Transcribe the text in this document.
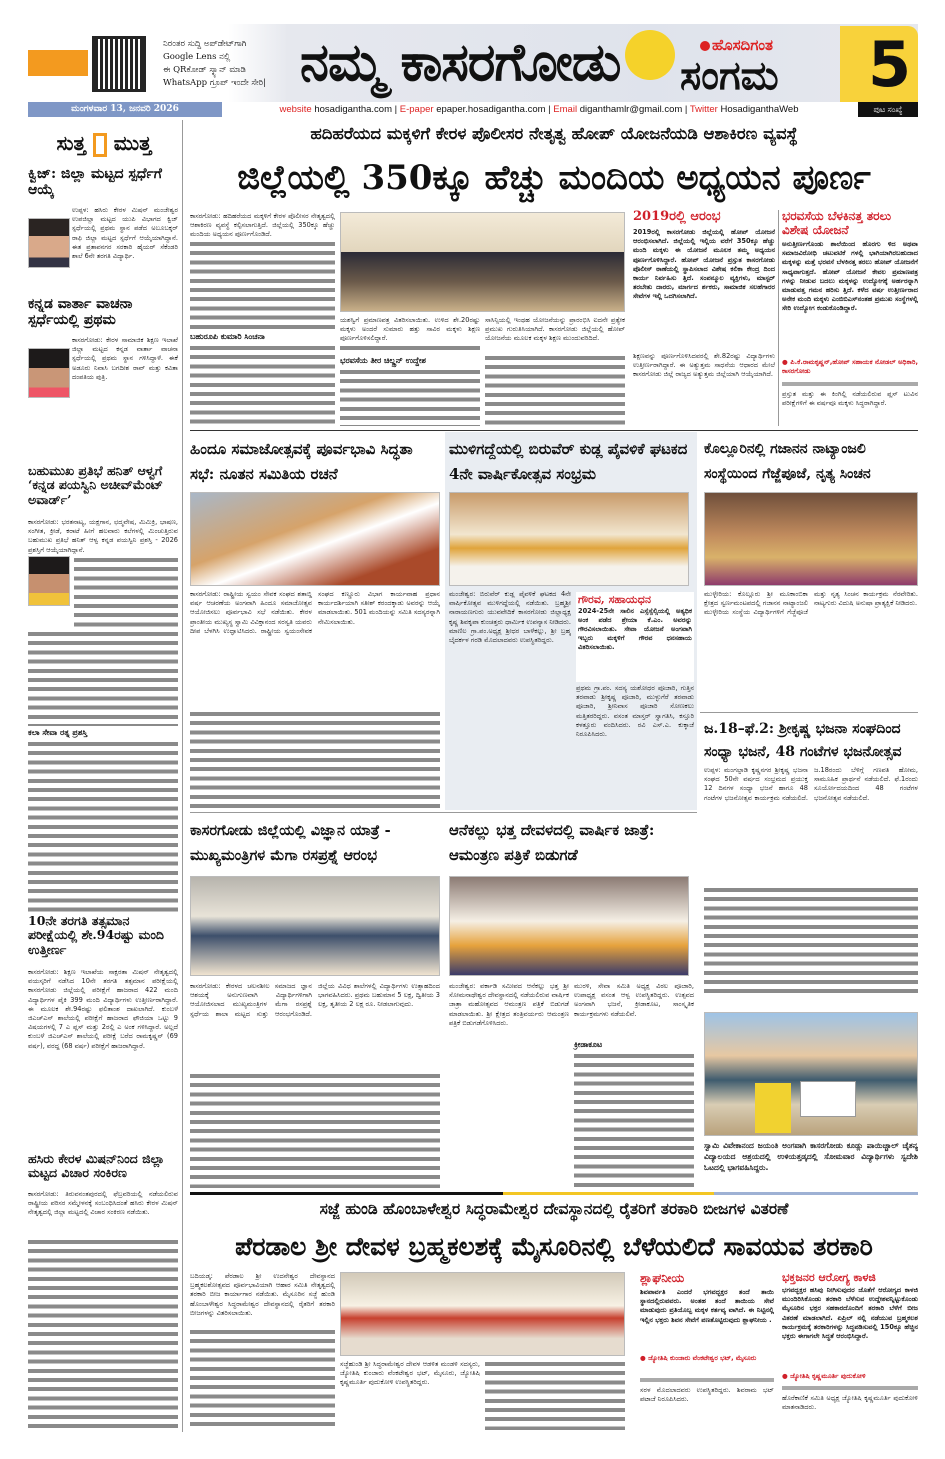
ನಿರಂತರ ಸುದ್ದಿ ಅಪ್‌ಡೇಟ್‌ಗಾಗಿ
Google Lens ನಲ್ಲಿ
ಈ QRಕೋಡ್ ಸ್ಕ್ಯಾನ್ ಮಾಡಿ
WhatsApp ಗ್ರೂಪ್ ಇಂದೇ ಸೇರಿ| ನಮ್ಮ ಕಾಸರಗೋಡು	ಹೊಸದಿಗಂತ
ಸಂಗಮ 5
ಮಂಗಳವಾರ 13, ಜನವರಿ 2026	website hosadigantha.com | E-paper epaper.hosadigantha.com | Email diganthamlr@gmail.com | Twitter HosadiganthaWeb	ಪುಟ ಸಂಖ್ಯೆ
ಸುತ್ತ ಮುತ್ತ
ಕ್ವಿಜ್: ಜಿಲ್ಲಾ ಮಟ್ಟದ ಸ್ಪರ್ಧೆಗೆ ಆಯ್ಕೆ
ಉಪ್ಪಳ: ಹಸಿರು ಕೇರಳ ಮಿಷನ್ ಮಂಜೇಶ್ವರ ಉಪಜಿಲ್ಲಾ ಮಟ್ಟದ ಯುಪಿ ವಿಭಾಗದ ಕ್ವಿಜ್ ಸ್ಪರ್ಧೆಯಲ್ಲಿ ಪ್ರಥಮ ಸ್ಥಾನ ಪಡೆದ ಅಬೂಬಕ್ಕರ್ ರಾಫಿ ಜಿಲ್ಲಾ ಮಟ್ಟದ ಸ್ಪರ್ಧೆಗೆ ಆಯ್ಕೆಯಾಗಿದ್ದಾನೆ. ಈತ ಪ್ರತಾಪನಗರ ಸರಕಾರಿ ಹೈಯರ್ ಸೆಕೆಂಡರಿ ಶಾಲೆ 6ನೇ ತರಗತಿ ವಿದ್ಯಾರ್ಥಿ.
ಕನ್ನಡ ವಾರ್ತಾ ವಾಚನಾ ಸ್ಪರ್ಧೆಯಲ್ಲಿ ಪ್ರಥಮ
ಕಾಸರಗೋಡು: ಕೇರಳ ಸಾಮಾಜಿಕ ಶಿಕ್ಷಣ ಇಲಾಖೆ ಜಿಲ್ಲಾ ಮಟ್ಟದ ಕನ್ನಡ ವಾರ್ತಾ ವಾಚನಾ ಸ್ಪರ್ಧೆಯಲ್ಲಿ ಪ್ರಥಮ ಸ್ಥಾನ ಗಳಿಸಿದ್ದಾಳೆ. ಈಕೆ ಅಡೂರು ನಿವಾಸಿ ಬಗದೀಶ ರಾವ್ ಮತ್ತು ಕವಿತಾ ದಂಪತಿಯ ಪುತ್ರಿ.
ಬಹುಮುಖ ಪ್ರತಿಭೆ ಹನಿತ್ ಆಳ್ವಗೆ ‘ಕನ್ನಡ ಪಯಸ್ವಿನಿ ಅಚೀವ್‌ಮೆಂಟ್ ಅವಾರ್ಡ್’
ಕಾಸರಗೋಡು: ಭರತನಾಟ್ಯ, ಯಕ್ಷಗಾನ, ಛದ್ಮವೇಷ, ಮಿಮಿಕ್ರಿ, ಭಾಷಣ, ಸಂಗೀತ, ಕ್ರೀಡೆ, ಕರಾಟೆ ಹೀಗೆ ಹಲವಾರು ಕಲೆಗಳಲ್ಲಿ ಮಿಂಚುತ್ತಿರುವ ಬಹುಮುಖ ಪ್ರತಿಭೆ ಹನಿತ್ ಆಳ್ವ ಕನ್ನಡ ಪಯಸ್ವಿನಿ ಪ್ರಶಸ್ತಿ - 2026 ಪ್ರಶಸ್ತಿಗೆ ಆಯ್ಕೆಯಾಗಿದ್ದಾನೆ.
ಕಲಾ ಸೇವಾ ರತ್ನ ಪ್ರಶಸ್ತಿ
10ನೇ ತರಗತಿ ತತ್ಸಮಾನ ಪರೀಕ್ಷೆಯಲ್ಲಿ ಶೇ.94ರಷ್ಟು ಮಂದಿ ಉತ್ತೀರ್ಣ
ಕಾಸರಗೋಡು: ಶಿಕ್ಷಣ ಇಲಾಖೆಯ ಸಾಕ್ಷರತಾ ಮಿಷನ್ ನೇತೃತ್ವದಲ್ಲಿ ವಯಸ್ಕರಿಗೆ ನಡೆಸಿದ 10ನೇ ತರಗತಿ ತತ್ಸಮಾನ ಪರೀಕ್ಷೆಯಲ್ಲಿ ಕಾಸರಗೋಡು ಜಿಲ್ಲೆಯಲ್ಲಿ ಪರೀಕ್ಷೆಗೆ ಹಾಜರಾದ 422 ಮಂದಿ ವಿದ್ಯಾರ್ಥಿಗಳ ಪೈಕಿ 399 ಮಂದಿ ವಿದ್ಯಾರ್ಥಿಗಳು ಉತ್ತೀರ್ಣರಾಗಿದ್ದಾರೆ. ಈ ಮೂಲಕ ಶೇ.94ರಷ್ಟು ಫಲಿತಾಂಶ ದಾಖಲಾಗಿದೆ. ಕುಂಬಳೆ ಜಿಎಚ್‌ಎಸ್ ಶಾಲೆಯಲ್ಲಿ ಪರೀಕ್ಷೆಗೆ ಹಾಜರಾದ ಫೌಜಿಯಾ ಒಟ್ಟು 9 ವಿಷಯಗಳಲ್ಲಿ 7 ಎ ಪ್ಲಸ್ ಮತ್ತು 2ರಲ್ಲಿ ಎ ಅಂಕ ಗಳಿಸಿದ್ದಾರೆ. ಅಲ್ಲದೆ ಕುಂಬಳೆ ಜಿಎಚ್‌ಎಸ್ ಶಾಲೆಯಲ್ಲಿ ಪರೀಕ್ಷೆ ಬರೆದ ರಾಮಕೃಷ್ಣನ್ (69 ವರ್ಷ), ವರದ್ದ (68 ವರ್ಷ) ಪರೀಕ್ಷೆಗೆ ಹಾಜರಾಗಿದ್ದಾರೆ.
ಹಸಿರು ಕೇರಳ ಮಿಷನ್‌ನಿಂದ ಜಿಲ್ಲಾ ಮಟ್ಟದ ವಿಚಾರ ಸಂಕಿರಣ
ಕಾಸರಗೋಡು: ತಿರುವನಂತಪುರದಲ್ಲಿ ಫೆಬ್ರವರಿಯಲ್ಲಿ ನಡೆಯಲಿರುವ ರಾಷ್ಟ್ರೀಯ ಪರಿಸರ ಸಮ್ಮೇಳನಕ್ಕೆ ಸಂಬಂಧಿಸಿದಂತೆ ಹಸಿರು ಕೇರಳ ಮಿಷನ್ ನೇತೃತ್ವದಲ್ಲಿ ಜಿಲ್ಲಾ ಮಟ್ಟದಲ್ಲಿ ವಿಚಾರ ಸಂಕಿರಣ ನಡೆಯಿತು.
ಹದಿಹರೆಯದ ಮಕ್ಕಳಿಗೆ ಕೇರಳ ಪೊಲೀಸರ ನೇತೃತ್ವ ಹೋಪ್ ಯೋಜನೆಯಡಿ ಆಶಾಕಿರಣ ವ್ಯವಸ್ಥೆ
ಜಿಲ್ಲೆಯಲ್ಲಿ 350ಕ್ಕೂ ಹೆಚ್ಚು ಮಂದಿಯ ಅಧ್ಯಯನ ಪೂರ್ಣ
ಕಾಸರಗೋಡು: ಹದಿಹರೆಯದ ಮಕ್ಕಳಿಗೆ ಕೇರಳ ಪೊಲೀಸರ ನೇತೃತ್ವದಲ್ಲಿ ಆಶಾಕಿರಣ ವ್ಯವಸ್ಥೆ ಕಲ್ಪಿಸಲಾಗುತ್ತಿದೆ. ಜಿಲ್ಲೆಯಲ್ಲಿ 350ಕ್ಕೂ ಹೆಚ್ಚು ಮಂದಿಯ ಅಧ್ಯಯನ ಪೂರ್ಣಗೊಂಡಿದೆ.
ಬಹುರೂಪಿ ಕುಮಾರಿ ಸಿಂಚನಾ
ಯಶಸ್ವಿಗೆ ಪ್ರಮಾಣಪತ್ರ ವಿತರಿಸಲಾಯಿತು. ಉಳಿದ ಶೇ.20ರಷ್ಟು ಮಕ್ಕಳು ಅಂದರೆ ಸುಮಾರು ಹತ್ತು ಸಾವಿರ ಮಕ್ಕಳು ಶಿಕ್ಷಣ ಪೂರ್ಣಗೊಳಿಸಲಿದ್ದಾರೆ.
ಭರವಸೆಯ ತೀರ ಚಿಲ್ಡ್ರನ್ ಉದ್ದೇಶ
ಸಾಸಿನ್ಸಿಯಲ್ಲಿ ಇಂಥಹ ಯೋಜನೆಯನ್ನು ಪ್ರಾರಂಭಿಸಿ ಐದನೇ ಪ್ರತ್ಯೇಕ ಪ್ರಮುಖ ಗುರುತಿಸಿಯಾಗಿದೆ. ಕಾಸರಗೋಡು ಜಿಲ್ಲೆಯಲ್ಲಿ ಹೋಪ್ ಯೋಜನೆಯ ಮೂಲಕ ಮಕ್ಕಳ ಶಿಕ್ಷಣ ಮುಂದುವರಿದಿದೆ.
2019ರಲ್ಲಿ ಆರಂಭ
2019ರಲ್ಲಿ ಕಾಸರಗೋಡು ಜಿಲ್ಲೆಯಲ್ಲಿ ಹೋಪ್ ಯೋಜನೆ ಆರಂಭಿಸಲಾಗಿದೆ. ಜಿಲ್ಲೆಯಲ್ಲಿ ಇಲ್ಲಿಯ ವರೆಗೆ 350ಕ್ಕೂ ಹೆಚ್ಚು ಮಂದಿ ಮಕ್ಕಳು ಈ ಯೋಜನೆ ಮೂಲಕ ತಮ್ಮ ಅಧ್ಯಯನ ಪೂರ್ಣಗೊಳಿಸಿದ್ದಾರೆ. ಹೋಪ್ ಯೋಜನೆ ಪ್ರಸ್ತುತ ಕಾಸರಗೋಡು ಪೊಲೀಸ್ ಠಾಣೆಯಲ್ಲಿ ಸ್ಥಾಪಿಸಲಾದ ವಿಶೇಷ ಕಲಿಕಾ ಕೇಂದ್ರ ದಿಂದ ಕಾರ್ಯ ನಿರ್ವಹಿಸು ತ್ತಿದೆ. ಸಂಪನ್ಮೂಲ ವ್ಯಕ್ತಿಗಳು, ಮಾಸ್ಟರ್ ತರಬೇತು ದಾರರು, ಮಾರ್ಗದ ರ್ಶಕರು, ಸಾಮಾಜಿಕ ಸಲಹೆಗಾರರ ಸೇವೆಗಳ ಇಲ್ಲಿ ಒದಗಿಸಲಾಗಿದೆ.
ಶಿಕ್ಷಣವನ್ನು ಪೂರ್ಣಗೊಳಿಸಿದವರಲ್ಲಿ ಶೇ.82ರಷ್ಟು ವಿದ್ಯಾರ್ಥಿಗಳು ಉತ್ತೀರ್ಣರಾಗಿದ್ದಾರೆ. ಈ ಅತ್ಯುತ್ತಮ ಸಾಧನೆಯ ಆಧಾರದ ಮೇಲೆ ಕಾಸರಗೋಡು ಜಿಲ್ಲೆ ರಾಜ್ಯದ ಅತ್ಯುತ್ತಮ ಜಿಲ್ಲೆಯಾಗಿ ಆಯ್ಕೆಯಾಗಿದೆ.
ಭರವಸೆಯ ಬೆಳಕಿನತ್ತ ತರಲು ವಿಶೇಷ ಯೋಜನೆ
ಅನುತ್ತೀರ್ಣಗೊಂಡು ಶಾಲೆಯಿಂದ ಹೊರಗು ಳಿದ ಅಥವಾ ಸಮಾಜವಿರೋಧಿ ಚಟುವಟಿಕೆ ಗಳಲ್ಲಿ ಭಾಗಿಯಾಗಿರಬಹುದಾದ ಮಕ್ಕಳನ್ನು ಮತ್ತೆ ಭರವಸೆ ಬೆಳಕಿನತ್ತ ತರಲು ಹೋಪ್ ಯೋಜನೆಗೆ ಸಾಧ್ಯವಾಗುತ್ತದೆ. ಹೋಪ್ ಯೋಜನೆ ಕೇವಲ ಪ್ರಮಾಣಪತ್ರ ಗಳನ್ನು ನೀಡುವ ಬದಲು ಮಕ್ಕಳನ್ನು ಉದ್ಯೋಗಕ್ಕೆ ಅರ್ಹರನ್ನಾಗಿ ಮಾಡುವತ್ತ ಗಮನ ಹರಿಸು ತ್ತಿದೆ. ಕಳೆದ ವರ್ಷ ಉತ್ತೀರ್ಣರಾದ ಅನೇಕ ಮಂದಿ ಮಕ್ಕಳು ಎಂಬಿಬಿಎಸ್‌ನಂತಹ ಪ್ರಮುಖ ಸಂಸ್ಥೆಗಳಲ್ಲಿ ಸೇರಿ ಉದ್ಯೋಗ ಕಂಡುಕೊಂಡಿದ್ದಾರೆ.
● ಪಿ.ಕೆ.ರಾಮಕೃಷ್ಣನ್,ಹೋಪ್ ಸಹಾಯಕ ನೋಡಲ್ ಅಧಿಕಾರಿ, ಕಾಸರಗೋಡು
ಪ್ರಸ್ತುತ ಮತ್ತು ಈ ಕಿಂಗಿಲ್ಲಿ ನಡೆಯಲಿರುವ ಪ್ಲಸ್ ಟುವಿನ ಪರೀಕ್ಷೆಗಳಿಗೆ ಈ ವರ್ಷವೂ ಮಕ್ಕಳು ಸಿದ್ಧರಾಗಿದ್ದಾರೆ.
ಹಿಂದೂ ಸಮಾಜೋತ್ಸವಕ್ಕೆ ಪೂರ್ವಭಾವಿ ಸಿದ್ಧತಾ ಸಭೆ: ನೂತನ ಸಮಿತಿಯ ರಚನೆ
ಕಾಸರಗೋಡು: ರಾಷ್ಟ್ರೀಯ ಸ್ವಯಂ ಸೇವಕ ಸಂಘದ ಶತಾಬ್ದಿ ವರ್ಷ ಆಚರಣೆಯ ಅಂಗವಾಗಿ ಹಿಂದೂ ಸಮಾಜೋತ್ಸವ ಆಯೋಜಿಸಲು ಪೂರ್ವಭಾವಿ ಸಭೆ ನಡೆಯಿತು. ಕೇರಳ ಪ್ರಾಂತೀಯ ಮುಖ್ಯಸ್ಥ ಸ್ವಾಮಿ ವಿವಿಕ್ತಾನಂದ ಸರಸ್ವತಿ ಯವರು ದೀಪ ಬೆಳಗಿಸಿ ಉದ್ಘಾಟಿಸಿದರು. ರಾಷ್ಟ್ರೀಯ ಸ್ವಯಂಸೇವಕ ಸಂಘದ ಕಣ್ಣೂರು ವಿಭಾಗ ಕಾರ್ಯವಾಹ ಪ್ರಧಾನ ಕಾರ್ಯದರ್ಶಿಯಾಗಿ ಸತೀಶ್ ಕರಂದಕ್ಕಾಡು ಅವರನ್ನು ಆಯ್ಕೆ ಮಾಡಲಾಯಿತು. 501 ಮಂದಿಯನ್ನು ಸಮಿತಿ ಸದಸ್ಯರನ್ನಾಗಿ ನೇಮಿಸಲಾಯಿತು.
ಮುಳಿಗದ್ದೆಯಲ್ಲಿ ಬಿರುವೆರ್ ಕುಡ್ಲ ಪೈವಳಿಕೆ ಘಟಕದ 4ನೇ ವಾರ್ಷಿಕೋತ್ಸವ ಸಂಭ್ರಮ
ಮಂಜೇಶ್ವರ: ಬಿರುವೆರ್ ಕುಡ್ಲ ಪೈವಳಿಕೆ ಘಟಕದ 4ನೇ ವಾರ್ಷಿಕೋತ್ಸವ ಮುಳಿಗದ್ದೆಯಲ್ಲಿ ನಡೆಯಿತು. ಬ್ರಹ್ಮಶ್ರೀ ನಾರಾಯಣಗುರು ಯುವವೇದಿಕೆ ಕಾಸರಗೋಡು ಜಿಲ್ಲಾಧ್ಯಕ್ಷ ಕೃಷ್ಣ ಶಿವಕೃಪಾ ಕುಂಚತ್ತರು ಧಾರ್ಮಿಕ ಉಪನ್ಯಾಸ ನೀಡಿದರು. ಮಾಣಿಲ ಗ್ರಾ.ಪಂ.ಅಧ್ಯಕ್ಷ ಶ್ರೀಧರ ಬಾಳೆಕಲ್ಲು, ಶ್ರೀ ಬ್ರಹ್ಮ ಬೈದರ್ಕಳ ಗರಡಿ ಮೊದಲಾದವರು ಉಪಸ್ಥಿತರಿದ್ದರು.
ಗೌರವ, ಸಹಾಯಧನ
2024-25ನೇ ಸಾಲಿನ ಎಸ್ಸೆಸ್ಸೆಲ್ಸಿಯಲ್ಲಿ ಅತ್ಯಧಿಕ ಅಂಕ ಪಡೆದ ಶ್ರೇಯಾ ಕೆ.ಎಂ. ಅವರನ್ನು ಗೌರವಿಸಲಾಯಿತು. ಸೇವಾ ಯೋಜನೆ ಅಂಗವಾಗಿ ಇಬ್ಬರು ಮಕ್ಕಳಿಗೆ ಗೌರವ ಧನಸಹಾಯ ವಿತರಿಸಲಾಯಿತು.
ಪ್ರಥಮ ಗ್ರಾ.ಪಂ. ಸದಸ್ಯ ಯಶೋಧರ ಪೂಜಾರಿ, ಗುತ್ತಿನ ತರವಾಡು ಶ್ರೀಕೃಷ್ಣ ಪೂಜಾರಿ, ಮುಳ್ಳುಗೆರೆ ತರವಾಡು ಪೂಜಾರಿ, ಶ್ರೀನಿವಾಸ ಪೂಜಾರಿ ಸೋಣಕಲು ಮತ್ತಿತರರಿದ್ದರು. ವಸಂತ ಮಾಸ್ತರ್ ಸ್ವಾಗತಿಸಿ, ಕಸ್ತೂರಿ ಕಳತ್ತೂರು ವಂದಿಸಿದರು. ರವಿ ಎಸ್.ಎ. ಕುಕ್ಕಾಜೆ ನಿರೂಪಿಸಿದರು.
ಕೊಲ್ಲೂರಿನಲ್ಲಿ ಗಜಾನನ ನಾಟ್ಯಾಂಜಲಿ ಸಂಸ್ಥೆಯಿಂದ ಗೆಜ್ಜೆಪೂಜೆ, ನೃತ್ಯ ಸಿಂಚನ
ಮುಳ್ಳೇರಿಯ: ಕೊಲ್ಲೂರು ಶ್ರೀ ಮೂಕಾಂಬಿಕಾ ಕ್ಷೇತ್ರದ ಸ್ವರ್ಣಮಂಟಪದಲ್ಲಿ ಗಜಾನನ ನಾಟ್ಯಾಂಜಲಿ ಮುಳ್ಳೇರಿಯ ಸಂಸ್ಥೆಯ ವಿದ್ಯಾರ್ಥಿಗಳಿಗೆ ಗೆಜ್ಜೆಪೂಜೆ ಮತ್ತು ನೃತ್ಯ ಸಿಂಚನ ಕಾರ್ಯಕ್ರಮ ನೆರವೇರಿತು. ನಾಟ್ಯಗುರು ವಿದುಷಿ ಅನುಷಾ ಪ್ರಾತ್ಯಕ್ಷಿಕೆ ನೀಡಿದರು.
ಜ.18–ಫೆ.2: ಶ್ರೀಕೃಷ್ಣ ಭಜನಾ ಸಂಘದಿಂದ ಸಂಧ್ಯಾ ಭಜನೆ, 48 ಗಂಟೆಗಳ ಭಜನೋತ್ಸವ
ಉಪ್ಪಳ: ಮಂಗಲ್ಪಾಡಿ ಕೃಷ್ಣನಗರ ಶ್ರೀಕೃಷ್ಣ ಭಜನಾ ಸಂಘದ 50ನೇ ವರ್ಷದ ಸಂಭ್ರಮದ ಪ್ರಯುಕ್ತ 12 ದಿನಗಳ ಸಂಧ್ಯಾ ಭಜನೆ ಹಾಗೂ 48 ಗಂಟೆಗಳ ಭಜನೋತ್ಸವ ಕಾರ್ಯಕ್ರಮ ನಡೆಯಲಿದೆ. ಜ.18ರಂದು ಬೆಳಿಗ್ಗೆ ಗಣಪತಿ ಹೋಮ, ಸಾಮೂಹಿಕ ಪ್ರಾರ್ಥನೆ ನಡೆಯಲಿದೆ. ಫೆ.1ರಂದು ಸೂರ್ಯೋದಯದಿಂದ 48 ಗಂಟೆಗಳ ಭಜನೋತ್ಸವ ನಡೆಯಲಿದೆ.
ಕಾಸರಗೋಡು ಜಿಲ್ಲೆಯಲ್ಲಿ ವಿಜ್ಞಾನ ಯಾತ್ರೆ - ಮುಖ್ಯಮಂತ್ರಿಗಳ ಮೆಗಾ ರಸಪ್ರಶ್ನೆ ಆರಂಭ
ಕಾಸರಗೋಡು: ಕೇರಳದ ಚಲನಶೀಲ ಸಮಾಜದ ಜ್ಞಾನ ಆಶಯಕ್ಕೆ ಅನುಗುಣವಾಗಿ ವಿದ್ಯಾರ್ಥಿಗಳಿಗಾಗಿ ಆಯೋಜಿಸಲಾದ ಮುಖ್ಯಮಂತ್ರಿಗಳ ಮೆಗಾ ರಸಪ್ರಶ್ನೆ ಸ್ಪರ್ಧೆಯ ಶಾಲಾ ಮಟ್ಟದ ಸುತ್ತು ಆರಂಭಗೊಂಡಿದೆ. ಜಿಲ್ಲೆಯ ವಿವಿಧ ಶಾಲೆಗಳಲ್ಲಿ ವಿದ್ಯಾರ್ಥಿಗಳು ಉತ್ಸಾಹದಿಂದ ಭಾಗವಹಿಸಿದರು. ಪ್ರಥಮ ಬಹುಮಾನ 5 ಲಕ್ಷ, ದ್ವಿತೀಯ 3 ಲಕ್ಷ, ತೃತೀಯ 2 ಲಕ್ಷ ರೂ. ನೀಡಲಾಗುವುದು.
ಆನೆಕಲ್ಲು ಭತ್ತ ದೇವಳದಲ್ಲಿ ವಾರ್ಷಿಕ ಜಾತ್ರೆ: ಆಮಂತ್ರಣ ಪತ್ರಿಕೆ ಬಿಡುಗಡೆ
ಮಂಜೇಶ್ವರ: ವರ್ಕಾಡಿ ಸಮೀಪದ ಆನೆಕಲ್ಲು ಭತ್ತ ಶ್ರೀ ಸೋಮನಾಥೇಶ್ವರ ದೇವಸ್ಥಾನದಲ್ಲಿ ನಡೆಯಲಿರುವ ವಾರ್ಷಿಕ ಜಾತ್ರಾ ಮಹೋತ್ಸವದ ಆಮಂತ್ರಣ ಪತ್ರಿಕೆ ಬಿಡುಗಡೆ ಮಾಡಲಾಯಿತು. ಶ್ರೀ ಕ್ಷೇತ್ರದ ತಂತ್ರಿವರ್ಯರು ಆಮಂತ್ರಣ ಪತ್ರಿಕೆ ಬಿಡುಗಡೆಗೊಳಿಸಿದರು.
ಮುರಳಿ, ಸೇವಾ ಸಮಿತಿ ಅಧ್ಯಕ್ಷ ವಿಠಲ ಪೂಜಾರಿ, ಉಪಾಧ್ಯಕ್ಷ ವಸಂತ ಆಳ್ವ ಉಪಸ್ಥಿತರಿದ್ದರು. ಉತ್ಸವದ ಅಂಗವಾಗಿ ಭಜನೆ, ಕ್ರೀಡಾಕೂಟ, ಸಾಂಸ್ಕೃತಿಕ ಕಾರ್ಯಕ್ರಮಗಳು ನಡೆಯಲಿವೆ.
ಕ್ರೀಡಾಕೂಟ
ಸ್ವಾಮಿ ವಿವೇಕಾನಂದ ಜಯಂತಿ ಅಂಗವಾಗಿ ಕಾಸರಗೋಡು ಕೂಡ್ಲು ಪಾಯಿಚ್ಚಾಲ್ ಚೈತನ್ಯ ವಿದ್ಯಾಲಯದ ಆಶ್ರಯದಲ್ಲಿ ಉಳಿಯತ್ತಡ್ಕದಲ್ಲಿ ಸೋಮವಾರ ವಿದ್ಯಾರ್ಥಿಗಳು ಸ್ವದೇಶಿ ಓಟದಲ್ಲಿ ಭಾಗವಹಿಸಿದ್ದರು.
ಸಜ್ಜೆ ಹುಂಡಿ ಹೊಂಬಾಳೇಶ್ವರ ಸಿದ್ಧರಾಮೇಶ್ವರ ದೇವಸ್ಥಾನದಲ್ಲಿ ರೈತರಿಗೆ ತರಕಾರಿ ಬೀಜಗಳ ವಿತರಣೆ
ಪೆರಡಾಲ ಶ್ರೀ ದೇವಳ ಬ್ರಹ್ಮಕಲಶಕ್ಕೆ ಮೈಸೂರಿನಲ್ಲಿ ಬೆಳೆಯಲಿದೆ ಸಾವಯವ ತರಕಾರಿ
ಬದಿಯಡ್ಕ: ಪೆರಡಾಲ ಶ್ರೀ ಉದನೇಶ್ವರ ದೇವಸ್ಥಾನದ ಬ್ರಹ್ಮಕಲಶೋತ್ಸವದ ಪೂರ್ವಭಾವಿಯಾಗಿ ಆಹಾರ ಸಮಿತಿ ನೇತೃತ್ವದಲ್ಲಿ ತರಕಾರಿ ಬೀಜ ಕಾರ್ಯಾಗಾರ ನಡೆಯಿತು. ಮೈಸೂರಿನ ಸಜ್ಜೆ ಹುಂಡಿ ಹೊಂಬಾಳೇಶ್ವರ ಸಿದ್ಧರಾಮೇಶ್ವರ ದೇವಸ್ಥಾನದಲ್ಲಿ ರೈತರಿಗೆ ತರಕಾರಿ ಬೀಜಗಳನ್ನು ವಿತರಿಸಲಾಯಿತು.
ಸಜ್ಜೆಹುಂಡಿ ಶ್ರೀ ಸಿದ್ಧರಾಮೇಶ್ವರ ದೇವಳ ಆಡಳಿತ ಮಂಡಳಿ ಸದಸ್ಯರು, ಜ್ಯೋತಿಷಿ ಕುಂಜಾರು ವೆಂಕಟೇಶ್ವರ ಭಟ್, ಮೈಸೂರು, ಜ್ಯೋತಿಷಿ ಕೃಷ್ಣಮೂರ್ತಿ ಪುದುಕೋಳಿ ಉಪಸ್ಥಿತರಿದ್ದರು.
ಶ್ಲಾಘನೀಯ
ಶಿವಪಾರ್ವತಿ ಎಂದರೆ ಭಗವದ್ಭಕ್ತರ ತಂದೆ ತಾಯಿ ಸ್ಥಾನದಲ್ಲಿರುವವರು. ಅಂತಹ ತಂದೆ ತಾಯಿಯ ಸೇವೆ ಮಾಡುವುದು ಪ್ರತಿಯೊಬ್ಬ ಮಕ್ಕಳ ಕರ್ತವ್ಯ ವಾಗಿದೆ. ಈ ನಿಟ್ಟಿನಲ್ಲಿ ಇಲ್ಲಿನ ಭಕ್ತರು ಶಿವನ ಸೇವೆಗೆ ಪಣತೊಟ್ಟಿರುವುದು ಶ್ಲಾಘನೀಯ .
● ಜ್ಯೋತಿಷಿ ಕುಂಜಾರು ವೆಂಕಟೇಶ್ವರ ಭಟ್, ಮೈಸೂರು
ಸರಳ ಮೊದಲಾದವರು ಉಪಸ್ಥಿತರಿದ್ದರು. ಶಿವರಾಮ ಭಟ್ ಪಟಾಜೆ ನಿರೂಪಿಸಿದರು.
ಭಕ್ತಜನರ ಆರೋಗ್ಯ ಕಾಳಜಿ
ಭಗವದ್ಭಕ್ತರ ಹಸಿವು ನೀಗಿಸುವುದರ ಜೊತೆಗೆ ಆರೋಗ್ಯದ ಕಾಳಜಿ ಮುಂದಿರಿಸಿಕೊಂಡು ತರಕಾರಿ ಬೆಳೆಸುವ ಉದ್ದೇಶವನ್ನಿಟ್ಟುಕೊಂಡು ಮೈಸೂರಿನ ಭಕ್ತರ ಸಹಕಾರದೊಂದಿಗೆ ತರಕಾರಿ ಬೆಳೆಗೆ ಬೀಜ ವಿತರಣೆ ಮಾಡಲಾಗಿದೆ. ಏಪ್ರಿಲ್ ನಲ್ಲಿ ನಡೆಯುವ ಬ್ರಹ್ಮಕಲಶ ಕಾರ್ಯಕ್ರಮಕ್ಕೆ ತರಕಾರಿಗಳನ್ನು ಸಿದ್ಧಪಡಿಸುವಲ್ಲಿ 150ಕ್ಕೂ ಹೆಚ್ಚಿನ ಭಕ್ತರು ಈಗಾಗಲೇ ಸಿದ್ಧತೆ ಆರಂಭಿಸಿದ್ದಾರೆ.
● ಜ್ಯೋತಿಷಿ ಕೃಷ್ಣಮೂರ್ತಿ ಪುದುಕೋಳಿ
ಹೊರೆಕಾಣಿಕೆ ಸಮಿತಿ ಅಧ್ಯಕ್ಷ ಜ್ಯೋತಿಷಿ ಕೃಷ್ಣಮೂರ್ತಿ ಪುದುಕೋಳಿ ಮಾತನಾಡಿದರು.
